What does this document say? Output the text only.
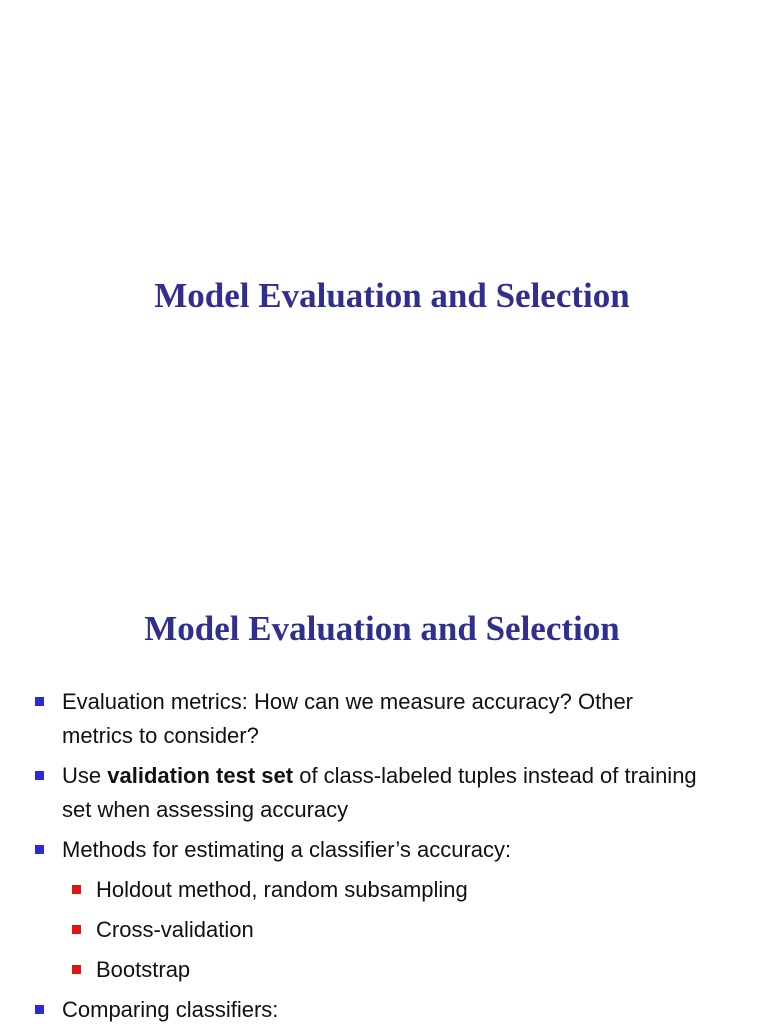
Model Evaluation and Selection
Model Evaluation and Selection
Evaluation metrics: How can we measure accuracy? Other
metrics to consider?
Use validation test set of class-labeled tuples instead of training
set when assessing accuracy
Methods for estimating a classifier’s accuracy:
Holdout method, random subsampling
Cross-validation
Bootstrap
Comparing classifiers:
